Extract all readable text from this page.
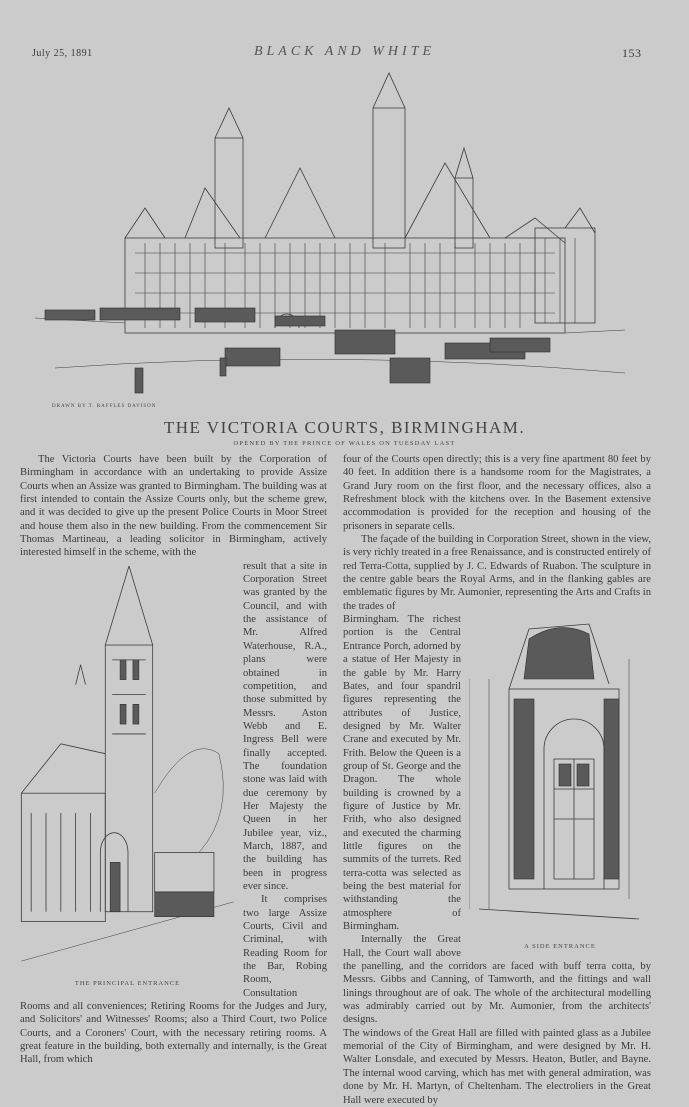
July 25, 1891	BLACK AND WHITE	153
DRAWN BY T. RAFFLES DAVISON
THE VICTORIA COURTS, BIRMINGHAM.
OPENED BY THE PRINCE OF WALES ON TUESDAY LAST

The Victoria Courts have been built by the Corporation of Birmingham in accordance with an undertaking to provide Assize Courts when an Assize was granted to Birmingham. The building was at first intended to contain the Assize Courts only, but the scheme grew, and it was decided to give up the present Police Courts in Moor Street and house them also in the new building. From the commencement Sir Thomas Martineau, a leading solicitor in Birmingham, actively interested himself in the scheme, with the

THE PRINCIPAL ENTRANCE

result that a site in Corporation Street was granted by the Council, and with the assistance of Mr. Alfred Waterhouse, R.A., plans were obtained in competition, and those submitted by Messrs. Aston Webb and E. Ingress Bell were finally accepted. The foundation stone was laid with due ceremony by Her Majesty the Queen in her Jubilee year, viz., March, 1887, and the building has been in progress ever since.

It comprises two large Assize Courts, Civil and Criminal, with Reading Room for the Bar, Robing Room, Consultation Rooms and all conveniences; Retiring Rooms for the Judges and Jury, and Solicitors' and Witnesses' Rooms; also a Third Court, two Police Courts, and a Coroners' Court, with the necessary retiring rooms. A great feature in the building, both externally and internally, is the Great Hall, from which

four of the Courts open directly; this is a very fine apartment 80 feet by 40 feet. In addition there is a handsome room for the Magistrates, a Grand Jury room on the first floor, and the necessary offices, also a Refreshment block with the kitchens over. In the Basement extensive accommodation is provided for the reception and housing of the prisoners in separate cells.

The façade of the building in Corporation Street, shown in the view, is very richly treated in a free Renaissance, and is constructed entirely of red Terra-Cotta, supplied by J. C. Edwards of Ruabon. The sculpture in the centre gable bears the Royal Arms, and in the flanking gables are emblematic figures by Mr. Aumonier, representing the Arts and Crafts in the trades of

A SIDE ENTRANCE

Birmingham. The richest portion is the Central Entrance Porch, adorned by a statue of Her Majesty in the gable by Mr. Harry Bates, and four spandril figures representing the attributes of Justice, designed by Mr. Walter Crane and executed by Mr. Frith. Below the Queen is a group of St. George and the Dragon. The whole building is crowned by a figure of Justice by Mr. Frith, who also designed and executed the charming little figures on the summits of the turrets. Red terra-cotta was selected as being the best material for withstanding the atmosphere of Birmingham.

Internally the Great Hall, the Court wall above the panelling, and the corridors are faced with buff terra cotta, by Messrs. Gibbs and Canning, of Tamworth, and the fittings and wall linings throughout are of oak. The whole of the architectural modelling was admirably carried out by Mr. Aumonier, from the architects' designs.

The windows of the Great Hall are filled with painted glass as a Jubilee memorial of the City of Birmingham, and were designed by Mr. H. Walter Lonsdale, and executed by Messrs. Heaton, Butler, and Bayne. The internal wood carving, which has met with general admiration, was done by Mr. H. Martyn, of Cheltenham. The electroliers in the Great Hall were executed by
